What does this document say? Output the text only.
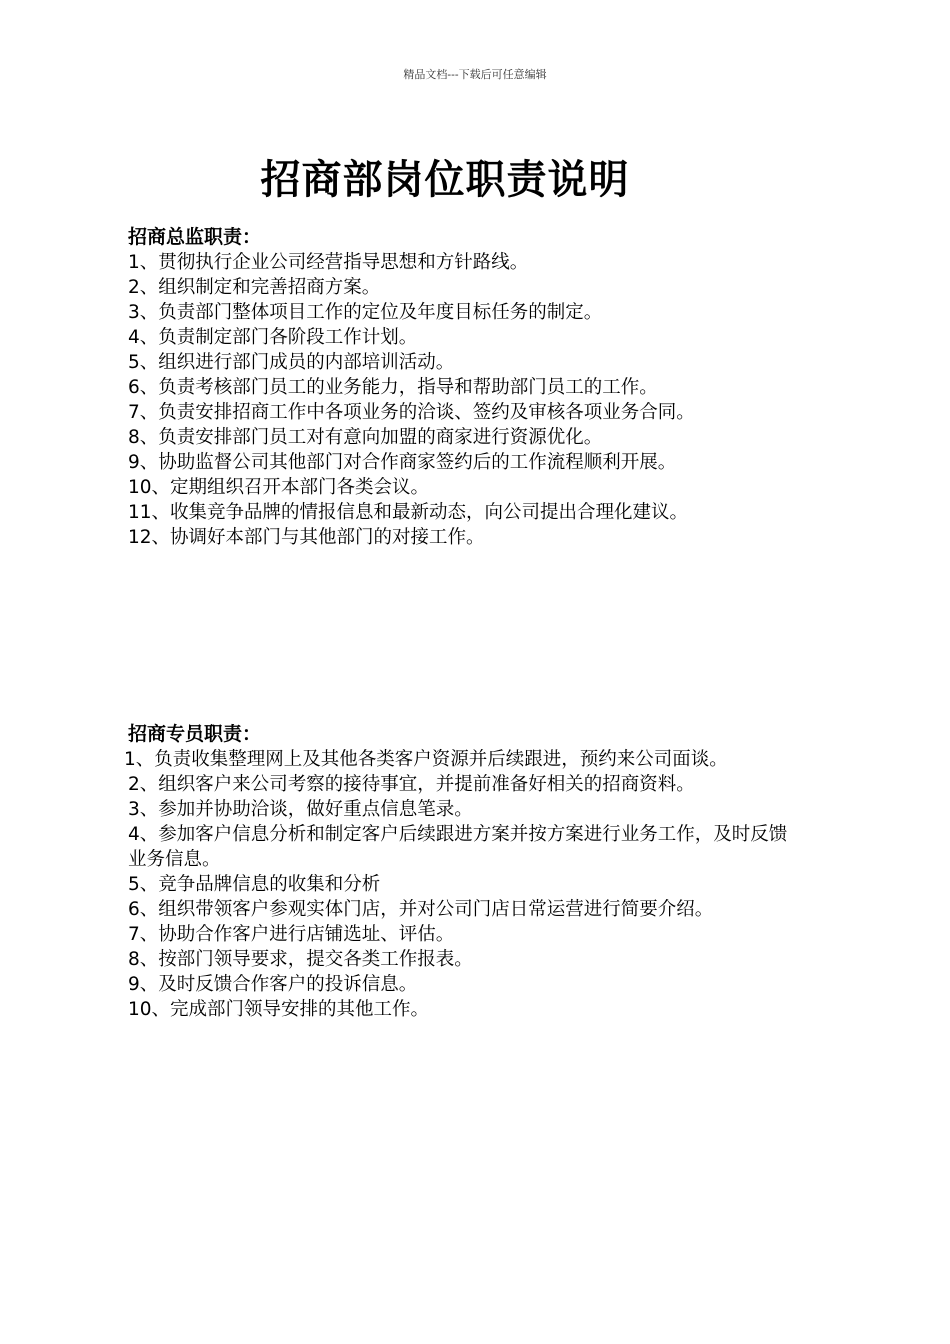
精品文档---下载后可任意编辑
招商部岗位职责说明
招商总监职责：
1、贯彻执行企业公司经营指导思想和方针路线。
2、组织制定和完善招商方案。
3、负责部门整体项目工作的定位及年度目标任务的制定。
4、负责制定部门各阶段工作计划。
5、组织进行部门成员的内部培训活动。
6、负责考核部门员工的业务能力，指导和帮助部门员工的工作。
7、负责安排招商工作中各项业务的洽谈、签约及审核各项业务合同。
8、负责安排部门员工对有意向加盟的商家进行资源优化。
9、协助监督公司其他部门对合作商家签约后的工作流程顺利开展。
10、定期组织召开本部门各类会议。
11、收集竞争品牌的情报信息和最新动态，向公司提出合理化建议。
12、协调好本部门与其他部门的对接工作。
招商专员职责：
1、负责收集整理网上及其他各类客户资源并后续跟进，预约来公司面谈。
2、组织客户来公司考察的接待事宜，并提前准备好相关的招商资料。
3、参加并协助洽谈，做好重点信息笔录。
4、参加客户信息分析和制定客户后续跟进方案并按方案进行业务工作，及时反馈业务信息。
5、竞争品牌信息的收集和分析
6、组织带领客户参观实体门店，并对公司门店日常运营进行简要介绍。
7、协助合作客户进行店铺选址、评估。
8、按部门领导要求，提交各类工作报表。
9、及时反馈合作客户的投诉信息。
10、完成部门领导安排的其他工作。
